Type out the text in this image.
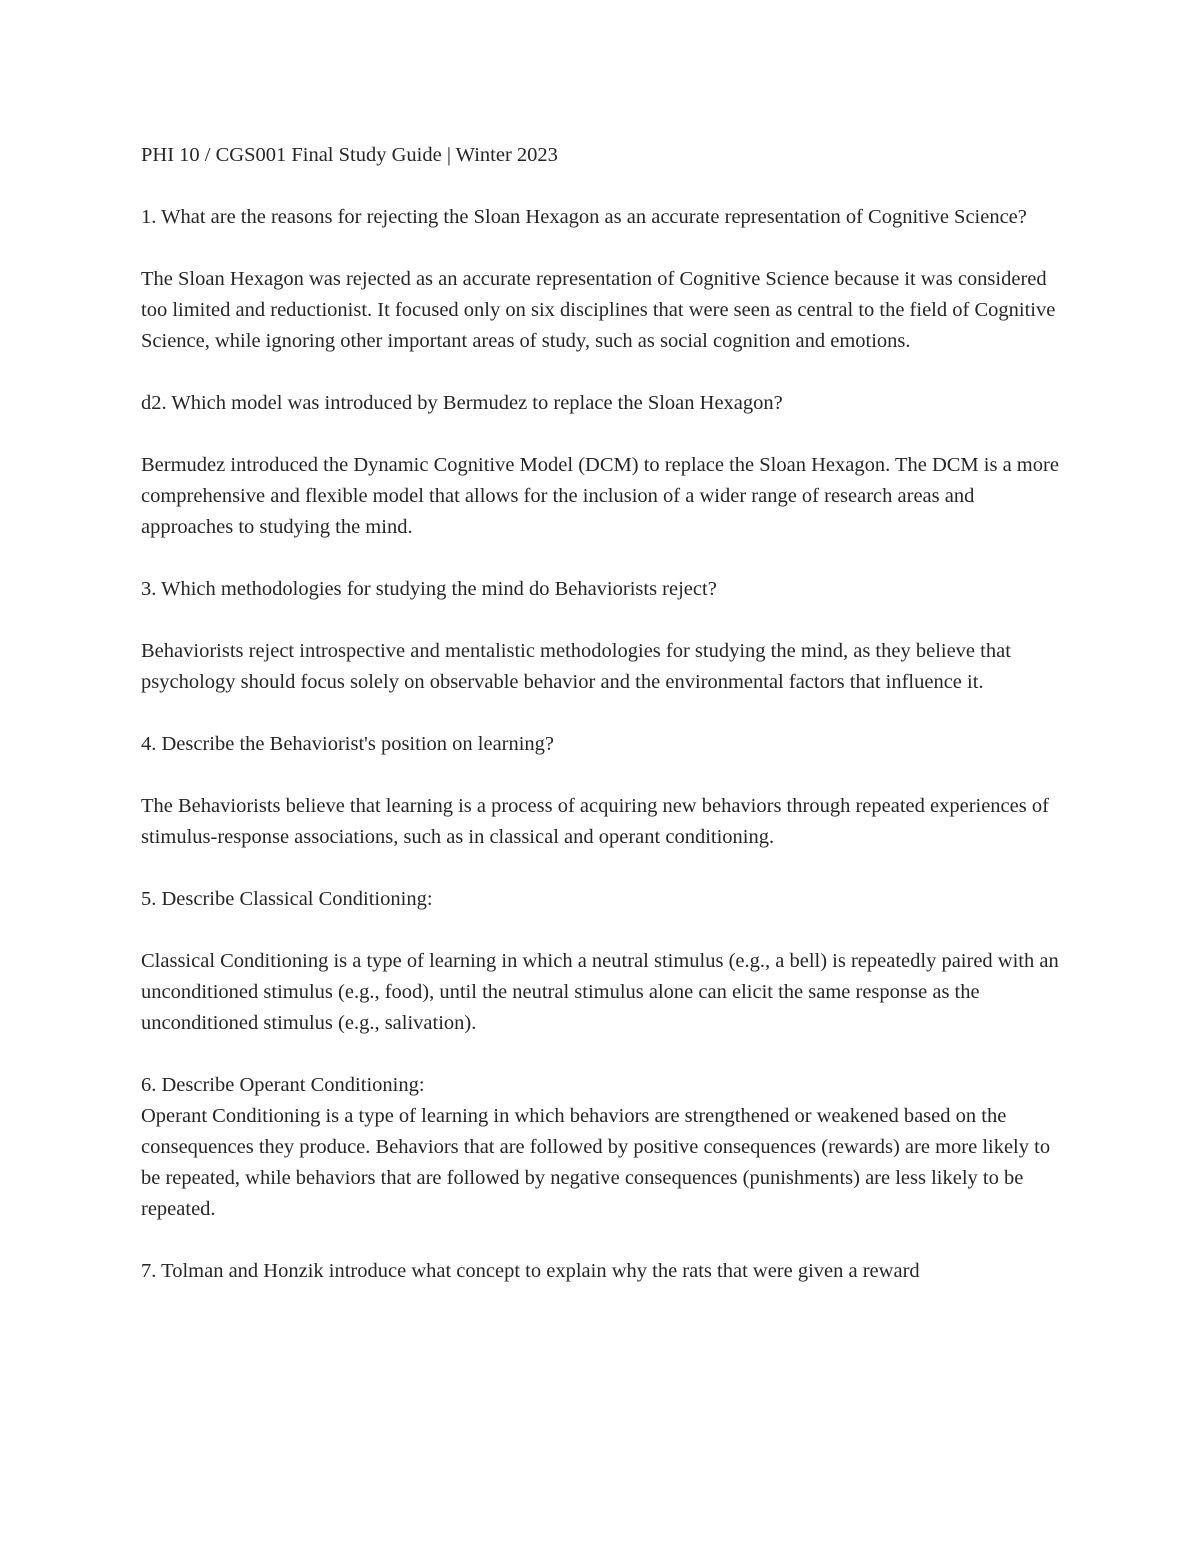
PHI 10 / CGS001 Final Study Guide | Winter 2023

1. What are the reasons for rejecting the Sloan Hexagon as an accurate representation of Cognitive Science?

The Sloan Hexagon was rejected as an accurate representation of Cognitive Science because it was considered too limited and reductionist. It focused only on six disciplines that were seen as central to the field of Cognitive Science, while ignoring other important areas of study, such as social cognition and emotions.

d2. Which model was introduced by Bermudez to replace the Sloan Hexagon?

Bermudez introduced the Dynamic Cognitive Model (DCM) to replace the Sloan Hexagon. The DCM is a more comprehensive and flexible model that allows for the inclusion of a wider range of research areas and approaches to studying the mind.

3. Which methodologies for studying the mind do Behaviorists reject?

Behaviorists reject introspective and mentalistic methodologies for studying the mind, as they believe that psychology should focus solely on observable behavior and the environmental factors that influence it.

4. Describe the Behaviorist's position on learning?

The Behaviorists believe that learning is a process of acquiring new behaviors through repeated experiences of stimulus-response associations, such as in classical and operant conditioning.

5. Describe Classical Conditioning:

Classical Conditioning is a type of learning in which a neutral stimulus (e.g., a bell) is repeatedly paired with an unconditioned stimulus (e.g., food), until the neutral stimulus alone can elicit the same response as the unconditioned stimulus (e.g., salivation).

6. Describe Operant Conditioning:

Operant Conditioning is a type of learning in which behaviors are strengthened or weakened based on the consequences they produce. Behaviors that are followed by positive consequences (rewards) are more likely to be repeated, while behaviors that are followed by negative consequences (punishments) are less likely to be repeated.

7. Tolman and Honzik introduce what concept to explain why the rats that were given a reward
